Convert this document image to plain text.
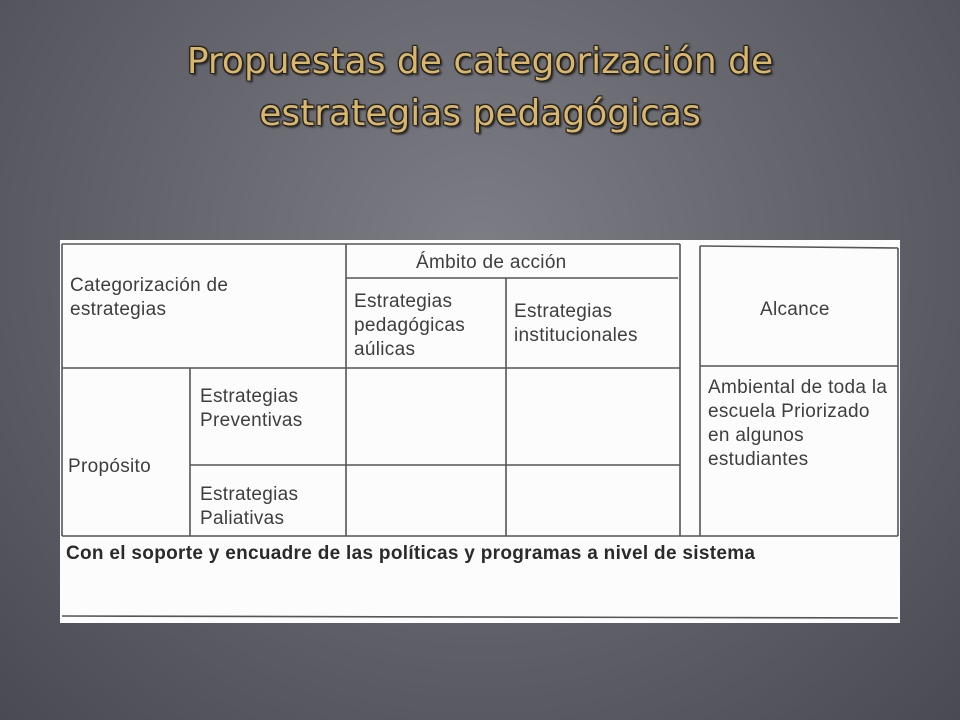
Propuestas de categorización de
estrategias pedagógicas
Categorización de estrategias
Ámbito de acción
Estrategias pedagógicas aúlicas
Estrategias institucionales
Alcance
Propósito
Estrategias Preventivas
Estrategias Paliativas
Ambiental de toda la escuela Priorizado en algunos estudiantes
Con el soporte y encuadre de las políticas y programas a nivel de sistema
